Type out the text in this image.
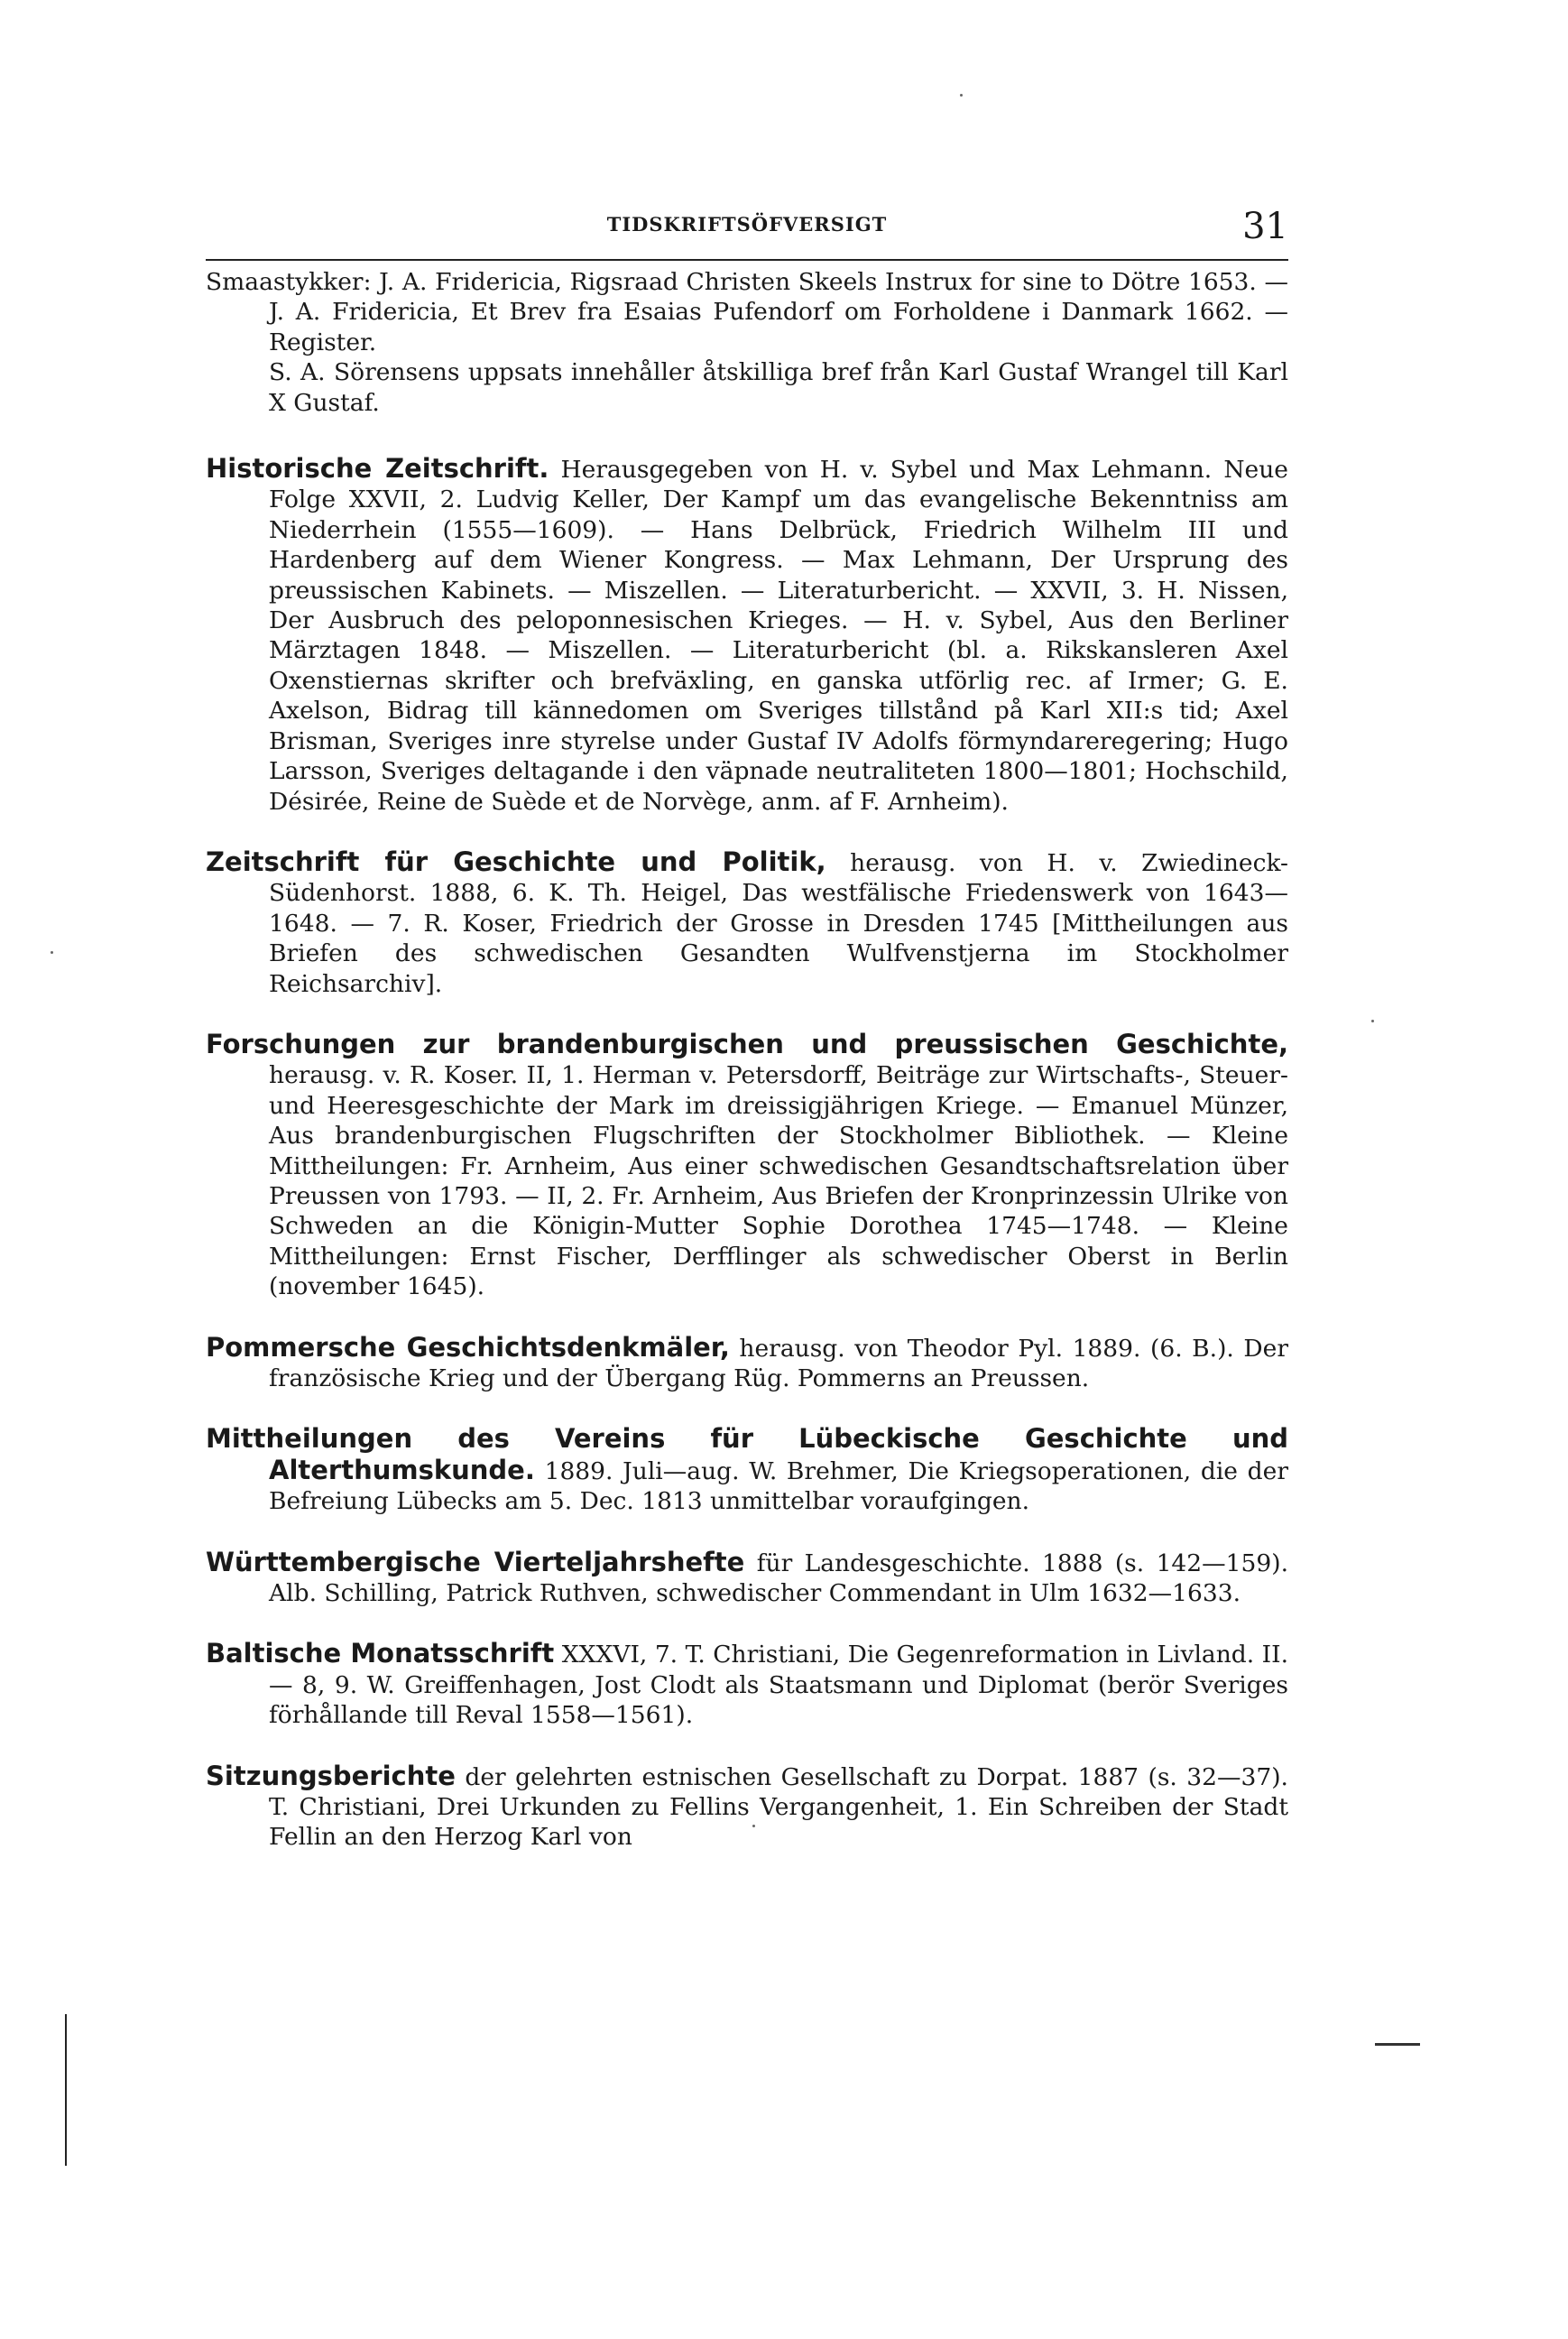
TIDSKRIFTSÖFVERSIGT	31

Smaastykker: J. A. Fridericia, Rigsraad Christen Skeels Instrux for sine to Dötre 1653. — J. A. Fridericia, Et Brev fra Esaias Pufendorf om Forholdene i Danmark 1662. — Register.

S. A. Sörensens uppsats innehåller åtskilliga bref från Karl Gustaf Wrangel till Karl X Gustaf.

Historische Zeitschrift. Herausgegeben von H. v. Sybel und Max Lehmann. Neue Folge XXVII, 2. Ludvig Keller, Der Kampf um das evangelische Bekenntniss am Niederrhein (1555—1609). — Hans Delbrück, Friedrich Wilhelm III und Hardenberg auf dem Wiener Kongress. — Max Lehmann, Der Ursprung des preussischen Kabinets. — Miszellen. — Literaturbericht. — XXVII, 3. H. Nissen, Der Ausbruch des peloponnesischen Krieges. — H. v. Sybel, Aus den Berliner Märztagen 1848. — Miszellen. — Literaturbericht (bl. a. Rikskansleren Axel Oxenstiernas skrifter och brefväxling, en ganska utförlig rec. af Irmer; G. E. Axelson, Bidrag till kännedomen om Sveriges tillstånd på Karl XII:s tid; Axel Brisman, Sveriges inre styrelse under Gustaf IV Adolfs förmyndareregering; Hugo Larsson, Sveriges deltagande i den väpnade neutraliteten 1800—1801; Hochschild, Désirée, Reine de Suède et de Norvège, anm. af F. Arnheim).

Zeitschrift für Geschichte und Politik, herausg. von H. v. Zwiedineck-Südenhorst. 1888, 6. K. Th. Heigel, Das westfälische Friedenswerk von 1643—1648. — 7. R. Koser, Friedrich der Grosse in Dresden 1745 [Mittheilungen aus Briefen des schwedischen Gesandten Wulfvenstjerna im Stockholmer Reichsarchiv].

Forschungen zur brandenburgischen und preussischen Geschichte, herausg. v. R. Koser. II, 1. Herman v. Petersdorff, Beiträge zur Wirtschafts-, Steuer- und Heeresgeschichte der Mark im dreissigjährigen Kriege. — Emanuel Münzer, Aus brandenburgischen Flugschriften der Stockholmer Bibliothek. — Kleine Mittheilungen: Fr. Arnheim, Aus einer schwedischen Gesandtschaftsrelation über Preussen von 1793. — II, 2. Fr. Arnheim, Aus Briefen der Kronprinzessin Ulrike von Schweden an die Königin-Mutter Sophie Dorothea 1745—1748. — Kleine Mittheilungen: Ernst Fischer, Derfflinger als schwedischer Oberst in Berlin (november 1645).

Pommersche Geschichtsdenkmäler, herausg. von Theodor Pyl. 1889. (6. B.). Der französische Krieg und der Übergang Rüg. Pommerns an Preussen.

Mittheilungen des Vereins für Lübeckische Geschichte und Alterthumskunde. 1889. Juli—aug. W. Brehmer, Die Kriegsoperationen, die der Befreiung Lübecks am 5. Dec. 1813 unmittelbar voraufgingen.

Württembergische Vierteljahrshefte für Landesgeschichte. 1888 (s. 142—159). Alb. Schilling, Patrick Ruthven, schwedischer Commendant in Ulm 1632—1633.

Baltische Monatsschrift XXXVI, 7. T. Christiani, Die Gegenreformation in Livland. II. — 8, 9. W. Greiffenhagen, Jost Clodt als Staatsmann und Diplomat (berör Sveriges förhållande till Reval 1558—1561).

Sitzungsberichte der gelehrten estnischen Gesellschaft zu Dorpat. 1887 (s. 32—37). T. Christiani, Drei Urkunden zu Fellins Vergangenheit, 1. Ein Schreiben der Stadt Fellin an den Herzog Karl von
